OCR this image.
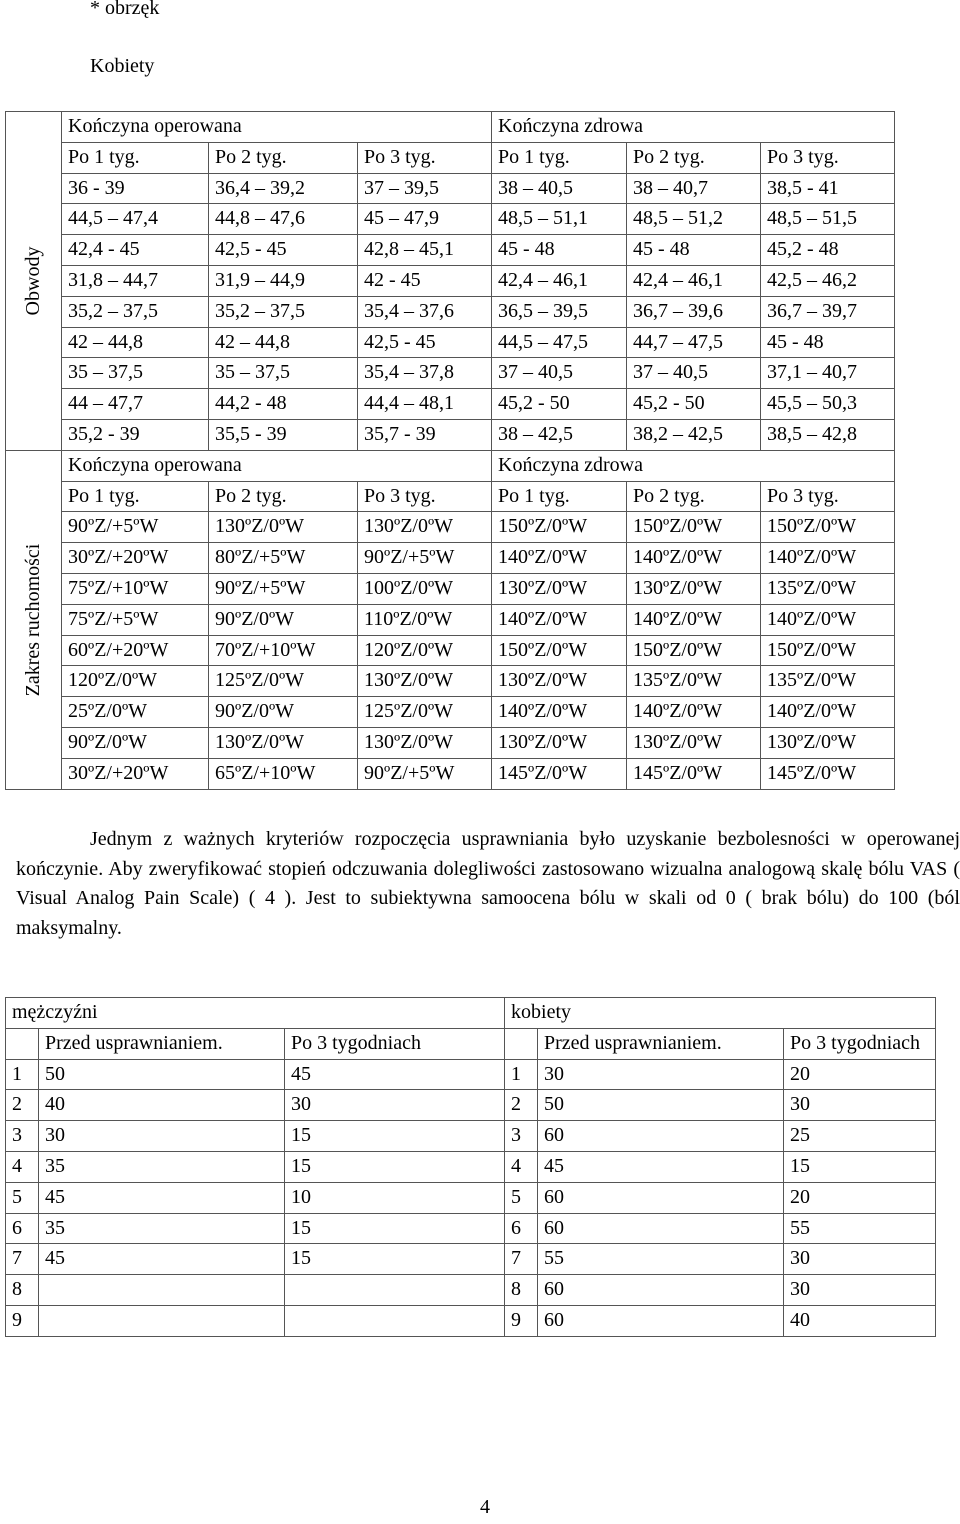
* obrzęk
Kobiety
Obwody	Kończyna operowana			Kończyna zdrowa		
	Po 1 tyg.	Po 2 tyg.	Po 3 tyg.	Po 1 tyg.	Po 2 tyg.	Po 3 tyg.
	36 - 39	36,4 – 39,2	37 – 39,5	38 – 40,5	38 – 40,7	38,5 - 41
	44,5 – 47,4	44,8 – 47,6	45 – 47,9	48,5 – 51,1	48,5 – 51,2	48,5 – 51,5
	42,4 - 45	42,5 - 45	42,8 – 45,1	45 - 48	45 - 48	45,2 - 48
	31,8 – 44,7	31,9 – 44,9	42 - 45	42,4 – 46,1	42,4 – 46,1	42,5 – 46,2
	35,2 – 37,5	35,2 – 37,5	35,4 – 37,6	36,5 – 39,5	36,7 – 39,6	36,7 – 39,7
	42 – 44,8	42 – 44,8	42,5 - 45	44,5 – 47,5	44,7 – 47,5	45 - 48
	35 – 37,5	35 – 37,5	35,4 – 37,8	37 – 40,5	37 – 40,5	37,1 – 40,7
	44 – 47,7	44,2 - 48	44,4 – 48,1	45,2 - 50	45,2 - 50	45,5 – 50,3
	35,2 - 39	35,5 - 39	35,7 - 39	38 – 42,5	38,2 – 42,5	38,5 – 42,8

Zakres ruchomości	Kończyna operowana			Kończyna zdrowa		
	Po 1 tyg.	Po 2 tyg.	Po 3 tyg.	Po 1 tyg.	Po 2 tyg.	Po 3 tyg.
	90ºZ/+5ºW	130ºZ/0ºW	130ºZ/0ºW	150ºZ/0ºW	150ºZ/0ºW	150ºZ/0ºW
	30ºZ/+20ºW	80ºZ/+5ºW	90ºZ/+5ºW	140ºZ/0ºW	140ºZ/0ºW	140ºZ/0ºW
	75ºZ/+10ºW	90ºZ/+5ºW	100ºZ/0ºW	130ºZ/0ºW	130ºZ/0ºW	135ºZ/0ºW
	75ºZ/+5ºW	90ºZ/0ºW	110ºZ/0ºW	140ºZ/0ºW	140ºZ/0ºW	140ºZ/0ºW
	60ºZ/+20ºW	70ºZ/+10ºW	120ºZ/0ºW	150ºZ/0ºW	150ºZ/0ºW	150ºZ/0ºW
	120ºZ/0ºW	125ºZ/0ºW	130ºZ/0ºW	130ºZ/0ºW	135ºZ/0ºW	135ºZ/0ºW
	25ºZ/0ºW	90ºZ/0ºW	125ºZ/0ºW	140ºZ/0ºW	140ºZ/0ºW	140ºZ/0ºW
	90ºZ/0ºW	130ºZ/0ºW	130ºZ/0ºW	130ºZ/0ºW	130ºZ/0ºW	130ºZ/0ºW
	30ºZ/+20ºW	65ºZ/+10ºW	90ºZ/+5ºW	145ºZ/0ºW	145ºZ/0ºW	145ºZ/0ºW
Jednym z ważnych kryteriów rozpoczęcia usprawniania było uzyskanie bezbolesności w operowanej kończynie. Aby zweryfikować stopień odczuwania dolegliwości zastosowano wizualna analogową skalę bólu VAS ( Visual Analog Pain Scale) ( 4 ). Jest to subiektywna samoocena bólu w skali od 0 ( brak bólu) do 100 (ból maksymalny.
mężczyźni			kobiety		
	Przed usprawnianiem.	Po 3 tygodniach		Przed usprawnianiem.	Po 3 tygodniach
1	50	45	1	30	20
2	40	30	2	50	30
3	30	15	3	60	25
4	35	15	4	45	15
5	45	10	5	60	20
6	35	15	6	60	55
7	45	15	7	55	30
8			8	60	30
9			9	60	40
4
